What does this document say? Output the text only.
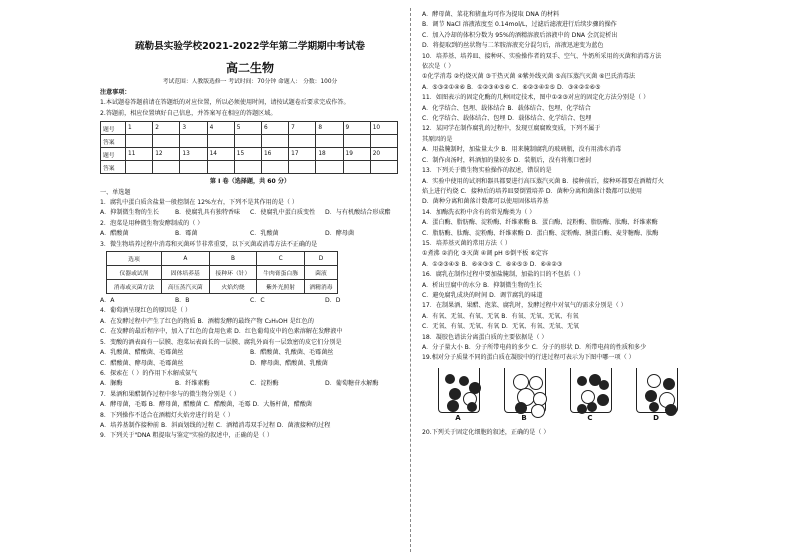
疏勒县实验学校2021-2022学年第二学期期中考试卷
高二生物
考试范围：人教版选修一 考试时间：70分钟 命题人： 分数：100分
注意事项：
1.本试题卷答题前请在答题纸的对应位置，所以必须使用时间，请按试题卷后要求完成作答。
2.答题前，相应位置填好自己信息，并答案写在相应的答题区域。
题号	1	2	3	4	5	6	7	8	9	10
答案										
题号	11	12	13	14	15	16	17	18	19	20
答案										
第 I 卷（选择题，共 60 分）
一、单选题
1．腐乳中蛋白质含盐量一般控制在 12%左右，下列不是其作用的是（ ）
A．抑制微生物的生长	B．使腐乳具有独特香味	C．使腐乳中蛋白质变性	D．与有机酸结合形成酯
2．泡菜是用种微生物发酵制成的（ ）
A．醋酸菌	B．霉菌	C．乳酸菌	D．酵母菌
3．微生物培养过程中消毒和灭菌环节非常重要，以下灭菌或消毒方法不正确的是
选项	A	B	C	D
仪器或试剂	固体培养基	接种环（针）	牛肉膏蛋白胨	菌液
消毒或灭菌方法	高压蒸汽灭菌	火焰灼烧	紫外光照射	酒精消毒
A．A	B．B	C．C	D．D
4．葡萄酒呈现红色的原因是（ ）
A．在发酵过程中产生了红色的物质 B．酒精发酵的最终产物 C₂H₅OH 是红色的
C．在发酵的最后程序中，加入了红色的食用色素 D．红色葡萄皮中的色素溶解在发酵液中
5．变酸的酒表面有一层膜、泡菜坛表面长的一层膜、腐乳外面有一层致密的皮它们分别是
A．乳酸菌、醋酸菌、毛霉菌丝	B．醋酸菌、乳酸菌、毛霉菌丝
C．醋酸菌、酵母菌、毛霉菌丝	D．酵母菌、醋酸菌、乳酸菌
6．探索在（ ）的作用下水解成氨气
A．脲酶	B．纤维素酶	C．淀粉酶	D．葡萄糖苷水解酶
7．果酒和果醋制作过程中参与的微生物分别是（ ）
A．酵母菌，毛霉 B．酵母菌，醋酸菌 C．醋酸菌，毛霉 D．大肠杆菌，醋酸菌
8．下列操作不适合在酒精灯火焰旁进行的是（ ）
A．培养基制作接种前 B．斜面划线的过程 C．酒精消毒双手过程 D．菌液接种的过程
9．下列关于"DNA 粗提取与鉴定"实验的叙述中，正确的是（ ）
A．酵母菌、菜花和猪血均可作为提取 DNA 的材料
B．调节 NaCl 溶液浓度至 0.14mol/L，过滤后滤液进行后续步骤的操作
C．加入冷却的体积分数为 95%的酒精溶液后溶液中的 DNA 会沉淀析出
D．将提取到的丝状物与二苯胺溶液充分混匀后，溶液迅速变为蓝色
10．培养基、培养皿、接种环、实验操作者的双手、空气、牛奶所采用的灭菌和消毒方法
依次是（ ）
①化学消毒 ②灼烧灭菌 ③干热灭菌 ④紫外线灭菌 ⑤高压蒸汽灭菌 ⑥巴氏消毒法
A．⑤③②①④⑥ B．①②③④⑤⑥ C．⑥②③④①⑤ D．③④②①⑥⑤
11．如图表示的固定化酶的几种固定技术，图中①②③对应的固定化方法分别是（ ）
A．化学结合、包埋、载体结合 B．载体结合、包埋、化学结合
C．化学结合、载体结合、包埋 D．载体结合、化学结合、包埋
12．某同学在制作腐乳的过程中，发现豆腐腐败变质，下列不属于
其原因的是
A．用盐腌制时，加盐量太少 B．用来腌制腐乳的玻璃瓶，没有用沸水消毒
C．制作卤汤时，料酒加的量较多 D．装瓶后，没有将瓶口密封
13．下列关于微生物实验操作的叙述，错误的是
A．实验中使用的试剂和器具都要进行高压蒸汽灭菌 B．接种前后，接种环都要在酒精灯火
焰上进行灼烧 C．接种后的培养皿要倒置培养 D．菌种分离和菌落计数都可以使用
D．菌种分离和菌落计数都可以使用固体培养基
14．加酶洗衣粉中含有的常见酶类为（ ）
A．蛋白酶、脂肪酶、淀粉酶、纤维素酶 B．蛋白酶、淀粉酶、脂肪酶、肽酶、纤维素酶
C．脂肪酶、肽酶、淀粉酶、纤维素酶 D．蛋白酶、淀粉酶、胰蛋白酶、麦芽糖酶、肽酶
15．培养基灭菌的常用方法（ ）
①煮沸 ②消化 ③灭菌 ④调 pH ⑤倒平板 ⑥定容
A．①②③④⑤ B．⑥④③⑤ C．⑥④⑤③ D．⑥④②③
16．腐乳在制作过程中要加盐腌制，加盐的目的不包括（ ）
A．析出豆腐中的水分 B．抑制微生物的生长
C．避免腐乳成块的时间 D．调节腐乳的味道
17．在制果酒、果醋、泡菜、腐乳时，发酵过程中对氧气的需求分别是（ ）
A．有氧、无氧、有氧、无氧 B．有氧、无氧、无氧、有氧
C．无氧、有氧、无氧、有氧 D．无氧、有氧、无氧、无氧
18．凝胶色谱法分离蛋白质的主要依据是（ ）
A．分子量大小 B．分子所带电荷的多少 C．分子的形状 D．所带电荷的性质和多少
19.相对分子质量不同的蛋白质在凝胶中的行进过程可表示为下图中哪一项（ ）
A	B	C	D
20.下列关于固定化细胞的叙述，正确的是（ ）
